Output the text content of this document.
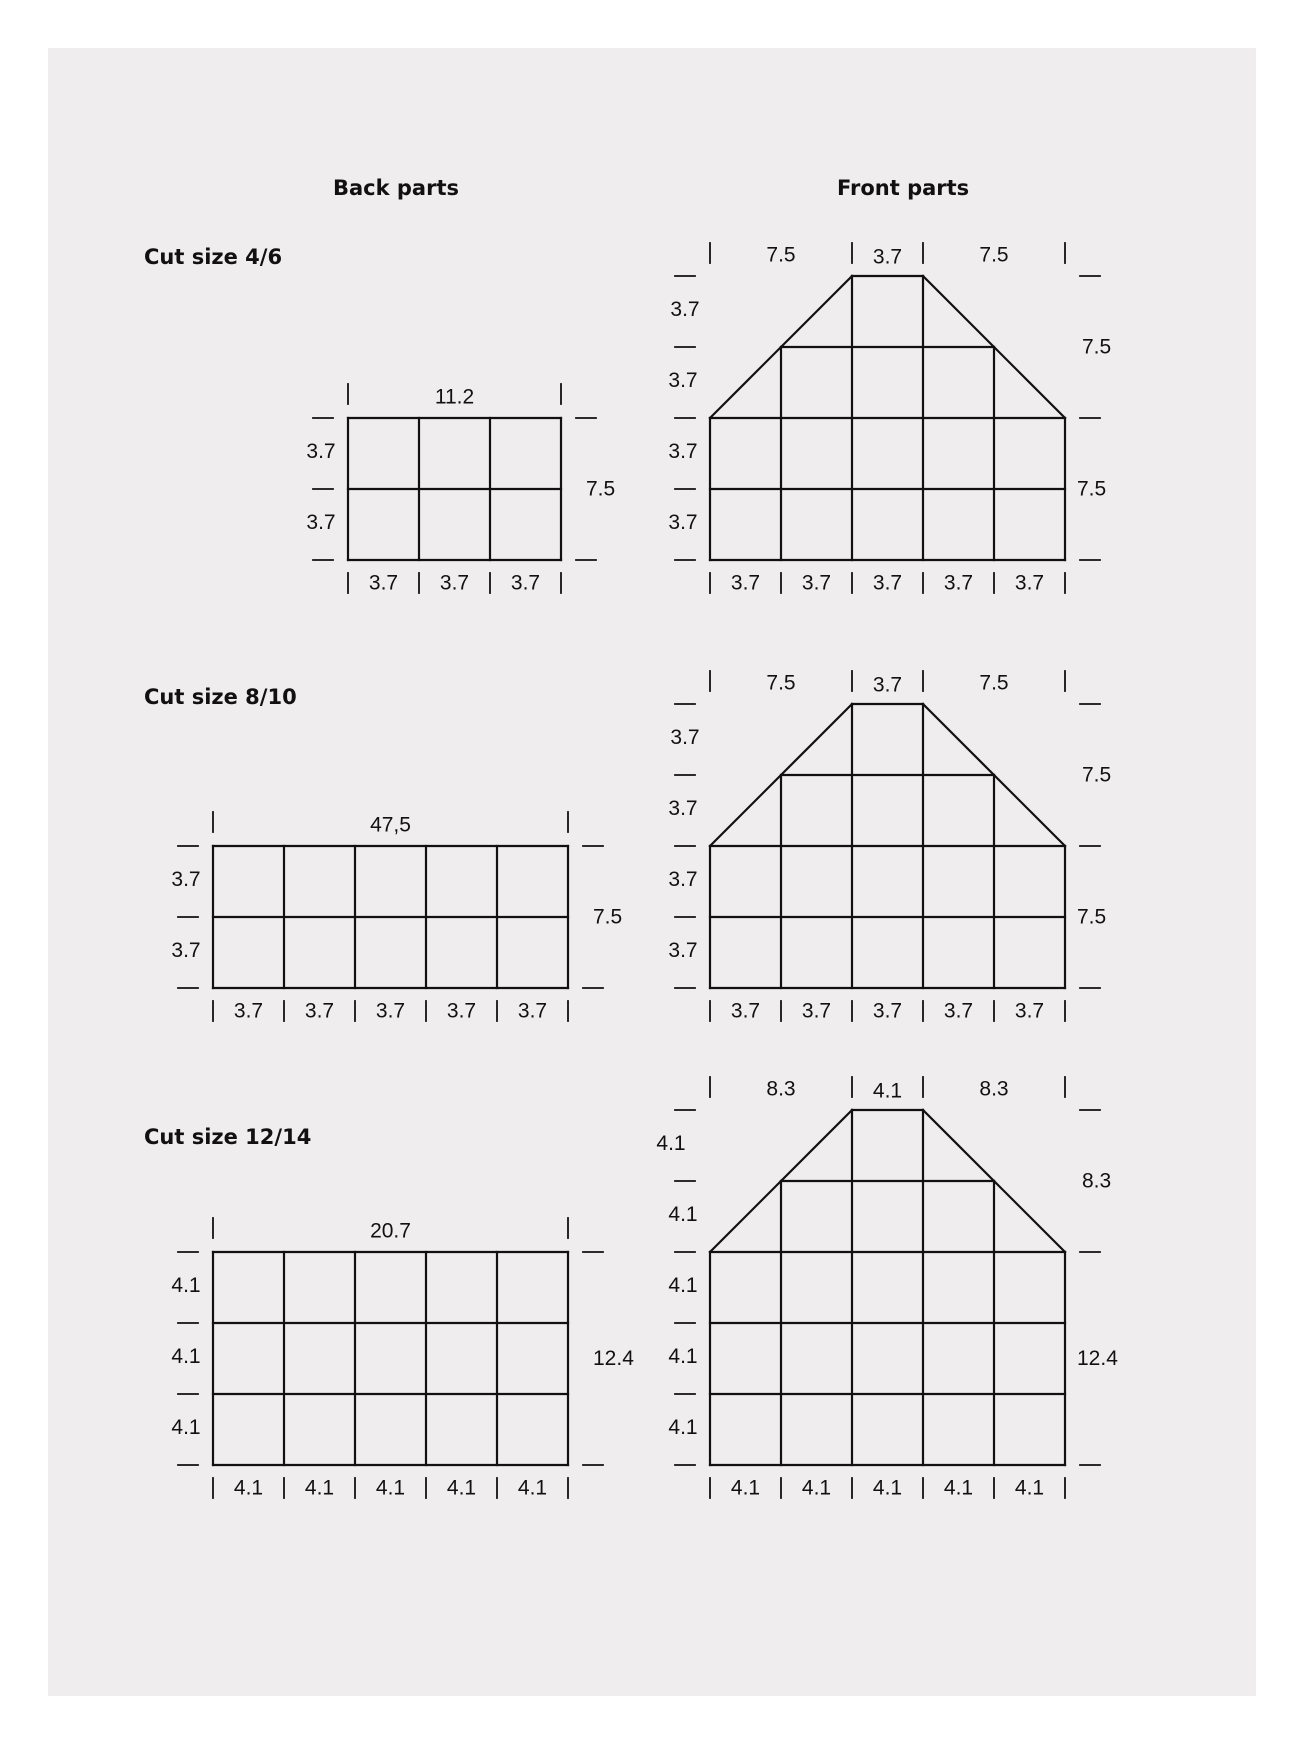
Back parts	Front parts
Cut size 4/6
Cut size 8/10
Cut size 12/14
11.2
3.7
3.7
7.5
3.7 3.7 3.7
7.5	3.7	7.5
3.7
3.7
3.7
3.7
7.5
7.5
3.7 3.7 3.7 3.7 3.7
47,5
3.7
3.7
7.5
3.7 3.7 3.7 3.7 3.7
7.5	3.7	7.5
3.7
3.7
3.7
3.7
7.5
7.5
3.7 3.7 3.7 3.7 3.7
20.7
4.1
4.1
4.1
12.4
4.1 4.1 4.1 4.1 4.1
8.3	4.1	8.3
4.1
4.1
4.1
4.1
4.1
8.3
12.4
4.1 4.1 4.1 4.1 4.1
